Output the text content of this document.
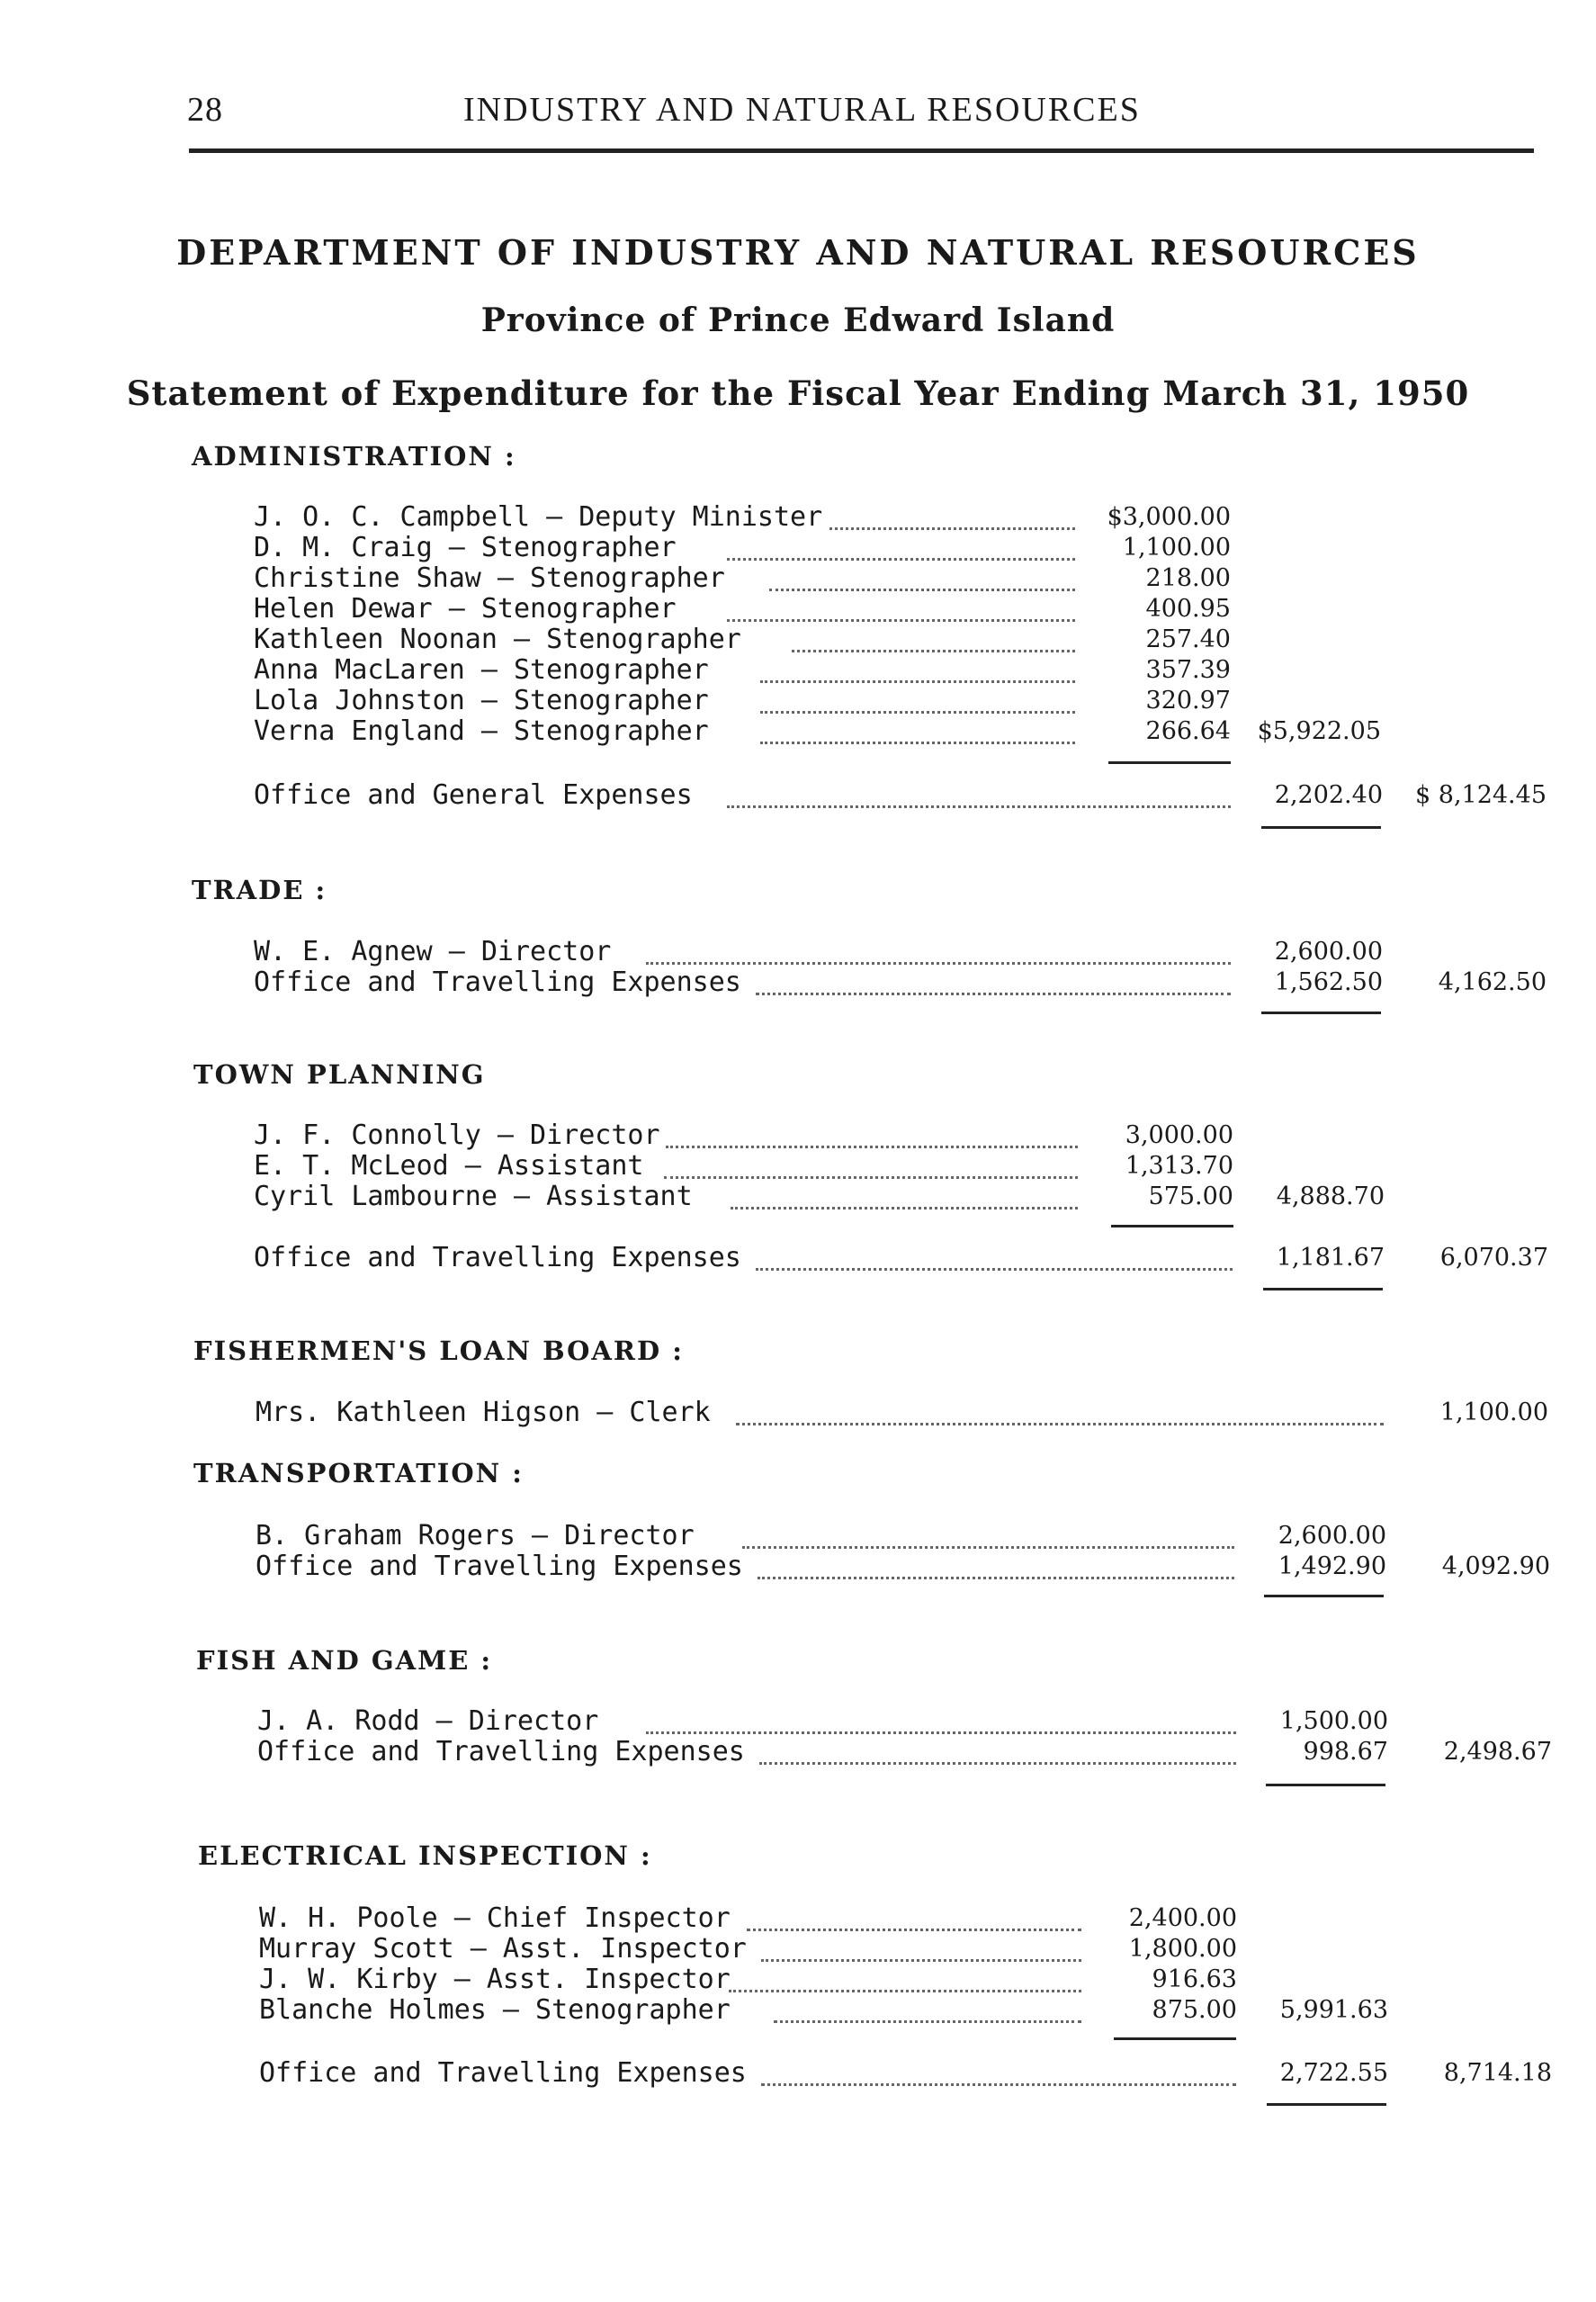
28	INDUSTRY AND NATURAL RESOURCES
DEPARTMENT OF INDUSTRY AND NATURAL RESOURCES
Province of Prince Edward Island
Statement of Expenditure for the Fiscal Year Ending March 31, 1950
ADMINISTRATION :
J. O. C. Campbell — Deputy Minister	$3,000.00
D. M. Craig — Stenographer	1,100.00
Christine Shaw — Stenographer	218.00
Helen Dewar — Stenographer	400.95
Kathleen Noonan — Stenographer	257.40
Anna MacLaren — Stenographer	357.39
Lola Johnston — Stenographer	320.97
Verna England — Stenographer	266.64	$5,922.05
Office and General Expenses	2,202.40	$ 8,124.45
TRADE :
W. E. Agnew — Director	2,600.00
Office and Travelling Expenses	1,562.50	4,162.50
TOWN PLANNING
J. F. Connolly — Director	3,000.00
E. T. McLeod — Assistant	1,313.70
Cyril Lambourne — Assistant	575.00	4,888.70
Office and Travelling Expenses	1,181.67	6,070.37
FISHERMEN'S LOAN BOARD :
Mrs. Kathleen Higson — Clerk	1,100.00
TRANSPORTATION :
B. Graham Rogers — Director	2,600.00
Office and Travelling Expenses	1,492.90	4,092.90
FISH AND GAME :
J. A. Rodd — Director	1,500.00
Office and Travelling Expenses	998.67	2,498.67
ELECTRICAL INSPECTION :
W. H. Poole — Chief Inspector	2,400.00
Murray Scott — Asst. Inspector	1,800.00
J. W. Kirby — Asst. Inspector	916.63
Blanche Holmes — Stenographer	875.00	5,991.63
Office and Travelling Expenses	2,722.55	8,714.18
